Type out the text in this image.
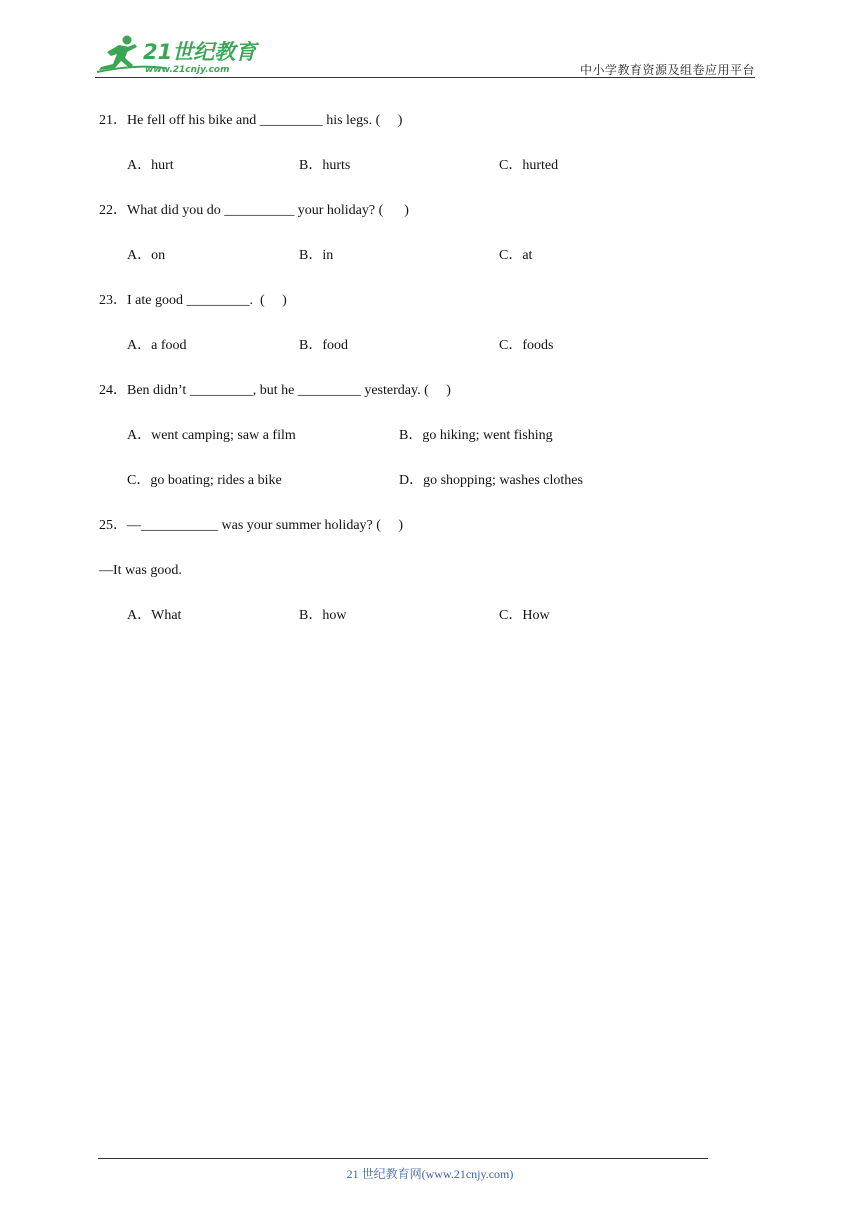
21世纪教育
www.21cnjy.com	中小学教育资源及组卷应用平台
21．He fell off his bike and _________ his legs. (     )
A．hurt	B．hurts	C．hurted
22．What did you do __________ your holiday? (      )
A．on	B．in	C．at
23．I ate good _________.  (     )
A．a food	B．food	C．foods
24．Ben didn’t _________, but he _________ yesterday. (     )
A．went camping; saw a film	B．go hiking; went fishing
C．go boating; rides a bike	D．go shopping; washes clothes
25．—___________ was your summer holiday? (     )
—It was good.
A．What	B．how	C．How
21 世纪教育网(www.21cnjy.com)
